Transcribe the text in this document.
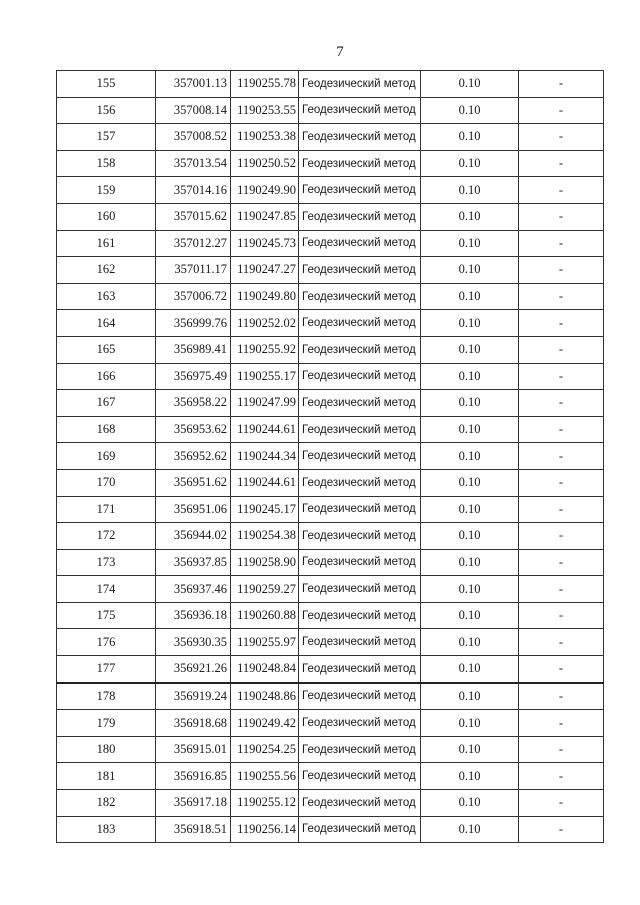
7
155	357001.13	1190255.78	Геодезический метод	0.10	-
156	357008.14	1190253.55	Геодезический метод	0.10	-
157	357008.52	1190253.38	Геодезический метод	0.10	-
158	357013.54	1190250.52	Геодезический метод	0.10	-
159	357014.16	1190249.90	Геодезический метод	0.10	-
160	357015.62	1190247.85	Геодезический метод	0.10	-
161	357012.27	1190245.73	Геодезический метод	0.10	-
162	357011.17	1190247.27	Геодезический метод	0.10	-
163	357006.72	1190249.80	Геодезический метод	0.10	-
164	356999.76	1190252.02	Геодезический метод	0.10	-
165	356989.41	1190255.92	Геодезический метод	0.10	-
166	356975.49	1190255.17	Геодезический метод	0.10	-
167	356958.22	1190247.99	Геодезический метод	0.10	-
168	356953.62	1190244.61	Геодезический метод	0.10	-
169	356952.62	1190244.34	Геодезический метод	0.10	-
170	356951.62	1190244.61	Геодезический метод	0.10	-
171	356951.06	1190245.17	Геодезический метод	0.10	-
172	356944.02	1190254.38	Геодезический метод	0.10	-
173	356937.85	1190258.90	Геодезический метод	0.10	-
174	356937.46	1190259.27	Геодезический метод	0.10	-
175	356936.18	1190260.88	Геодезический метод	0.10	-
176	356930.35	1190255.97	Геодезический метод	0.10	-
177	356921.26	1190248.84	Геодезический метод	0.10	-
178	356919.24	1190248.86	Геодезический метод	0.10	-
179	356918.68	1190249.42	Геодезический метод	0.10	-
180	356915.01	1190254.25	Геодезический метод	0.10	-
181	356916.85	1190255.56	Геодезический метод	0.10	-
182	356917.18	1190255.12	Геодезический метод	0.10	-
183	356918.51	1190256.14	Геодезический метод	0.10	-
